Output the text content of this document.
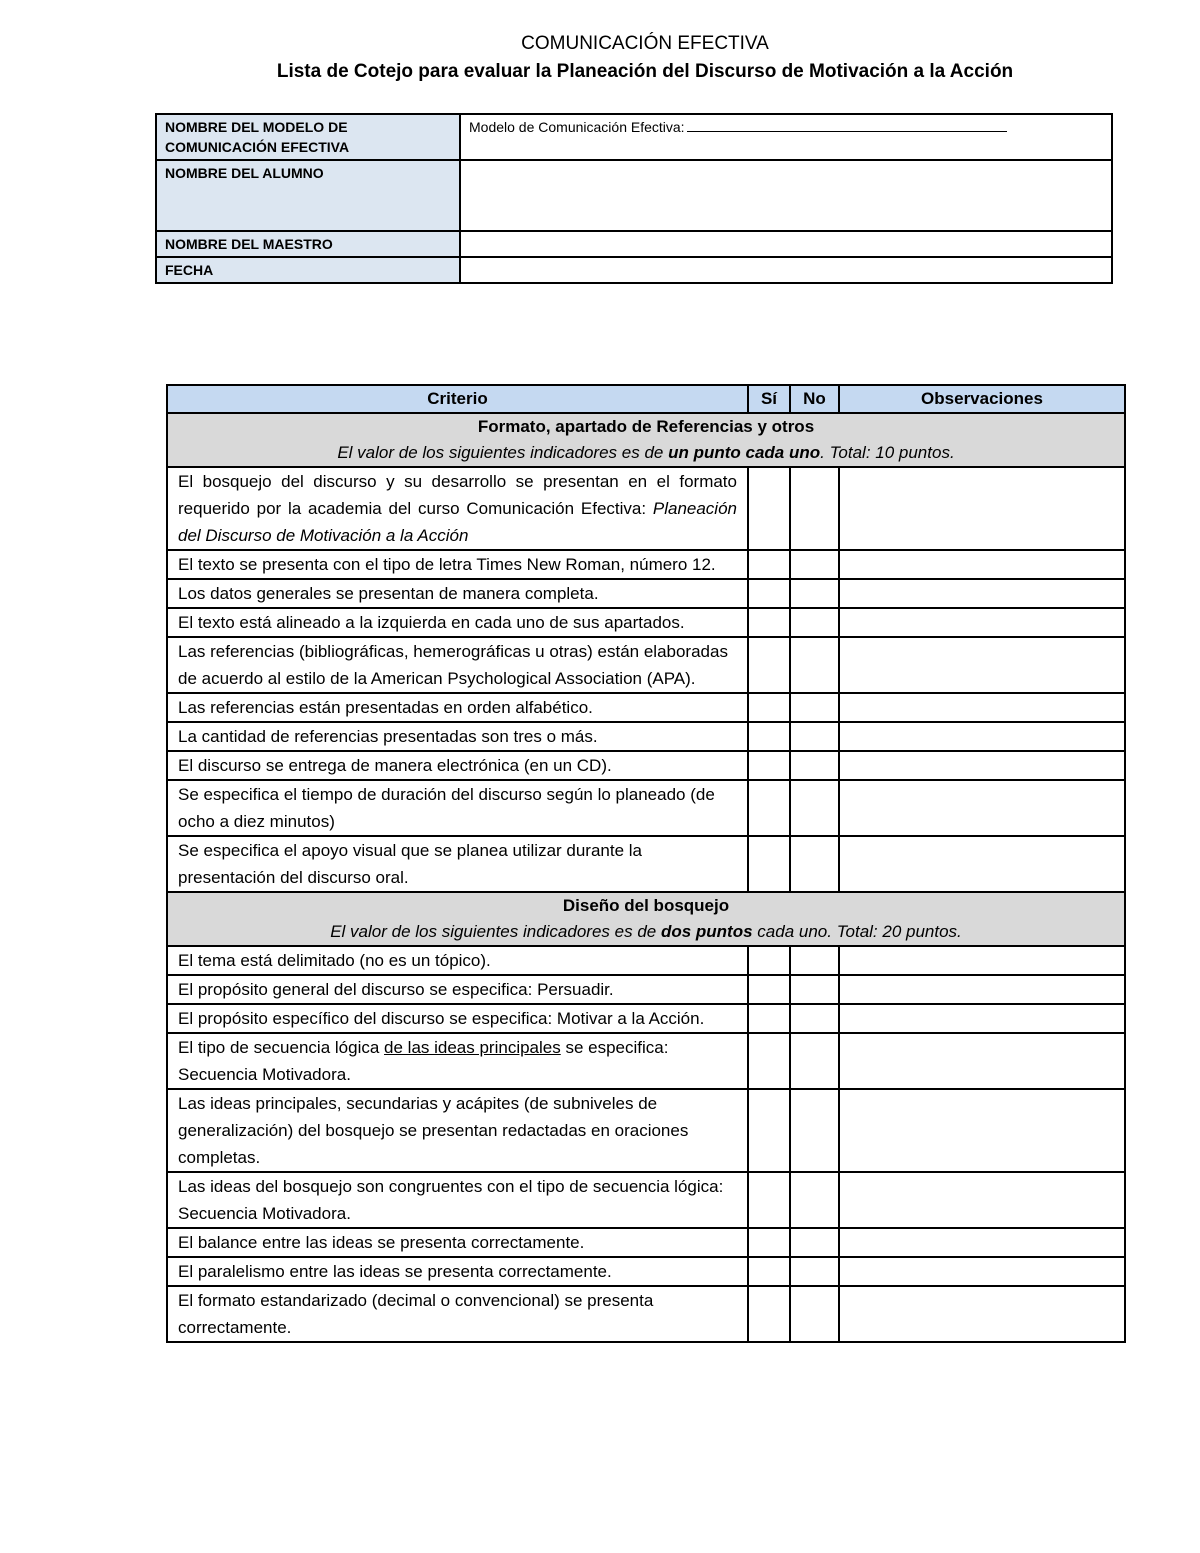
COMUNICACIÓN EFECTIVA
Lista de Cotejo para evaluar la Planeación del Discurso de Motivación a la Acción
NOMBRE DEL MODELO DE COMUNICACIÓN EFECTIVA	Modelo de Comunicación Efectiva:
NOMBRE DEL ALUMNO	
NOMBRE DEL MAESTRO	
FECHA	
Criterio	Sí	No	Observaciones

Formato, apartado de Referencias y otros
El valor de los siguientes indicadores es de un punto cada uno. Total: 10 puntos.			

El bosquejo del discurso y su desarrollo se presentan en el formato requerido por la academia del curso Comunicación Efectiva: Planeación del Discurso de Motivación a la Acción			
El texto se presenta con el tipo de letra Times New Roman, número 12.			
Los datos generales se presentan de manera completa.			
El texto está alineado a la izquierda en cada uno de sus apartados.			
Las referencias (bibliográficas, hemerográficas u otras) están elaboradas de acuerdo al estilo de la American Psychological Association (APA).			
Las referencias están presentadas en orden alfabético.			
La cantidad de referencias presentadas son tres o más.			
El discurso se entrega de manera electrónica (en un CD).			
Se especifica el tiempo de duración del discurso según lo planeado (de ocho a diez minutos)			
Se especifica el apoyo visual que se planea utilizar durante la presentación del discurso oral.			

Diseño del bosquejo
El valor de los siguientes indicadores es de dos puntos cada uno. Total: 20 puntos.			

El tema está delimitado (no es un tópico).			
El propósito general del discurso se especifica: Persuadir.			
El propósito específico del discurso se especifica: Motivar a la Acción.			
El tipo de secuencia lógica de las ideas principales se especifica: Secuencia Motivadora.			
Las ideas principales, secundarias y acápites (de subniveles de generalización) del bosquejo se presentan redactadas en oraciones completas.			
Las ideas del bosquejo son congruentes con el tipo de secuencia lógica: Secuencia Motivadora.			
El balance entre las ideas se presenta correctamente.			
El paralelismo entre las ideas se presenta correctamente.			
El formato estandarizado (decimal o convencional) se presenta correctamente.			
